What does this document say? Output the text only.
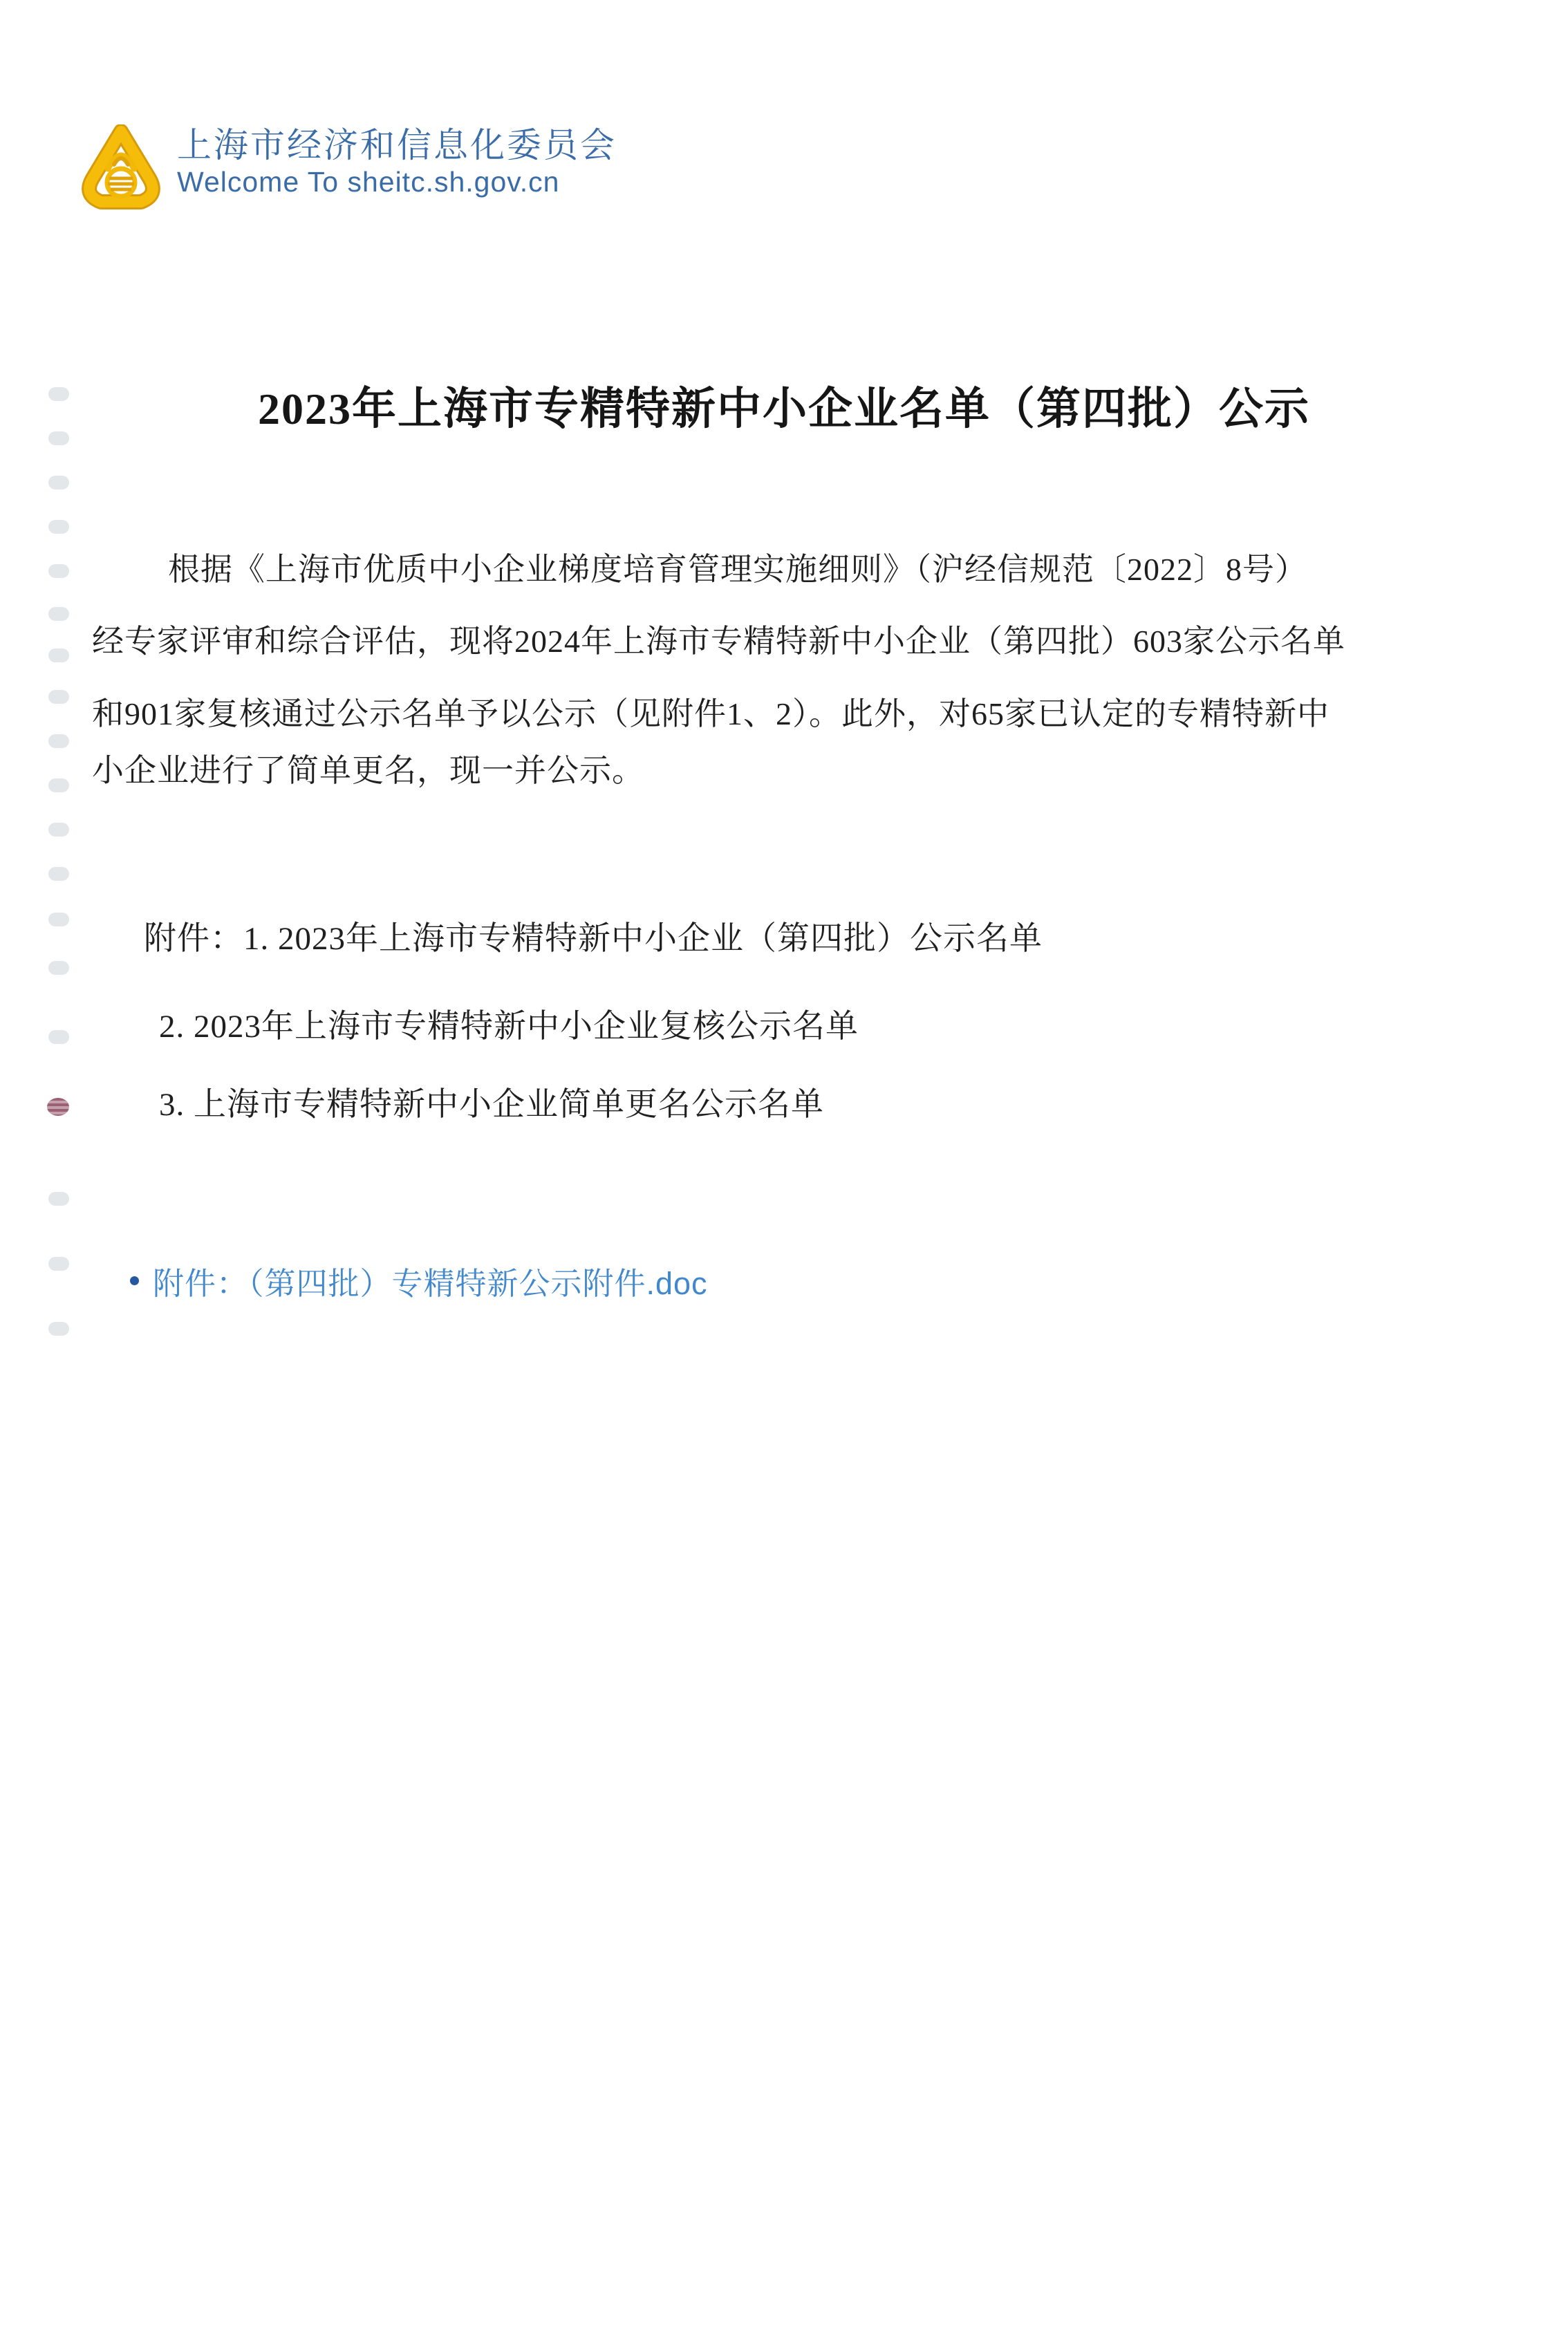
上海市经济和信息化委员会
Welcome To sheitc.sh.gov.cn
2023年上海市专精特新中小企业名单（第四批）公示
根据《上海市优质中小企业梯度培育管理实施细则》（沪经信规范〔2022〕8号）
经专家评审和综合评估，现将2024年上海市专精特新中小企业（第四批）603家公示名单
和901家复核通过公示名单予以公示（见附件1、2）。此外，对65家已认定的专精特新中
小企业进行了简单更名，现一并公示。
附件：1. 2023年上海市专精特新中小企业（第四批）公示名单
2. 2023年上海市专精特新中小企业复核公示名单
3. 上海市专精特新中小企业简单更名公示名单
附件：（第四批）专精特新公示附件.doc
